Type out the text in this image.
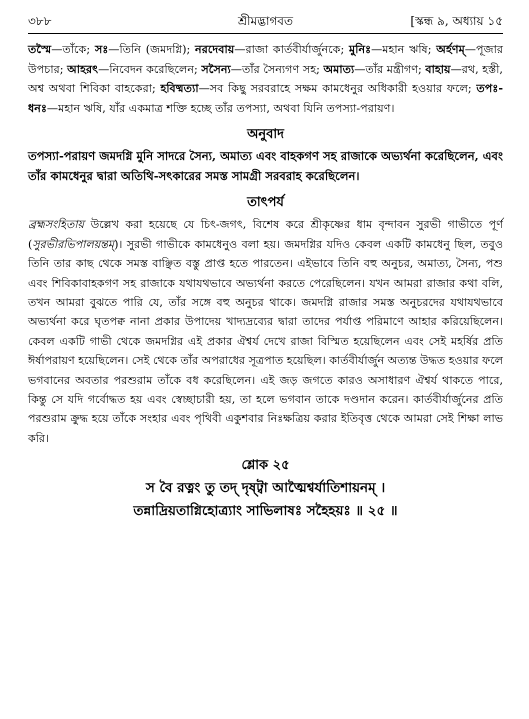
৩৮৮	শ্রীমদ্ভাগবত	[স্কন্ধ ৯, অধ্যায় ১৫

তস্মৈ—তাঁকে; সঃ—তিনি (জমদগ্নি); নরদেবায়—রাজা কার্তবীর্যার্জুনকে; মুনিঃ—মহান ঋষি; অর্হণম্—পূজার উপচার; আহরৎ—নিবেদন করেছিলেন; সসৈন্য—তাঁর সৈন্যগণ সহ; অমাত্য—তাঁর মন্ত্রীগণ; বাহায়—রথ, হস্তী, অশ্ব অথবা শিবিকা বাহকেরা; হবিষ্মত্যা—সব কিছু সরবরাহে সক্ষম কামধেনুর অধিকারী হওয়ার ফলে; তপঃ-ধনঃ—মহান ঋষি, যাঁর একমাত্র শক্তি হচ্ছে তাঁর তপস্যা, অথবা যিনি তপস্যা-পরায়ণ।

অনুবাদ

তপস্যা-পরায়ণ জমদগ্নি মুনি সাদরে সৈন্য, অমাত্য এবং বাহকগণ সহ রাজাকে অভ্যর্থনা করেছিলেন, এবং তাঁর কামধেনুর দ্বারা অতিথি-সৎকারের সমস্ত সামগ্রী সরবরাহ করেছিলেন।

তাৎপর্য

ব্রহ্মসংহিতায় উল্লেখ করা হয়েছে যে চিৎ-জগৎ, বিশেষ করে শ্রীকৃষ্ণের ধাম বৃন্দাবন সুরভী গাভীতে পূর্ণ (সুরভীরভিপালয়ন্তম্)। সুরভী গাভীকে কামধেনুও বলা হয়। জমদগ্নির যদিও কেবল একটি কামধেনু ছিল, তবুও তিনি তার কাছ থেকে সমস্ত বাঞ্ছিত বস্তু প্রাপ্ত হতে পারতেন। এইভাবে তিনি বহু অনুচর, অমাত্য, সৈন্য, পশু এবং শিবিকাবাহকগণ সহ রাজাকে যথাযথভাবে অভ্যর্থনা করতে পেরেছিলেন। যখন আমরা রাজার কথা বলি, তখন আমরা বুঝতে পারি যে, তাঁর সঙ্গে বহু অনুচর থাকে। জমদগ্নি রাজার সমস্ত অনুচরদের যথাযথভাবে অভ্যর্থনা করে ঘৃতপক্ব নানা প্রকার উপাদেয় খাদ্যদ্রব্যের দ্বারা তাদের পর্যাপ্ত পরিমাণে আহার করিয়েছিলেন। কেবল একটি গাভী থেকে জমদগ্নির এই প্রকার ঐশ্বর্য দেখে রাজা বিস্মিত হয়েছিলেন এবং সেই মহর্ষির প্রতি ঈর্ষাপরায়ণ হয়েছিলেন। সেই থেকে তাঁর অপরাধের সূত্রপাত হয়েছিল। কার্তবীর্যার্জুন অত্যন্ত উদ্ধত হওয়ার ফলে ভগবানের অবতার পরশুরাম তাঁকে বধ করেছিলেন। এই জড় জগতে কারও অসাধারণ ঐশ্বর্য থাকতে পারে, কিন্তু সে যদি গর্বোদ্ধত হয় এবং স্বেচ্ছাচারী হয়, তা হলে ভগবান তাকে দণ্ডদান করেন। কার্তবীর্যার্জুনের প্রতি পরশুরাম ক্রুদ্ধ হয়ে তাঁকে সংহার এবং পৃথিবী একুশবার নিঃক্ষত্রিয় করার ইতিবৃত্ত থেকে আমরা সেই শিক্ষা লাভ করি।

শ্লোক ২৫
স বৈ রত্নং তু তদ্ দৃষ্ট্বা আত্মৈশ্বর্যাতিশায়নম্ ।
তন্নাদ্রিয়তাগ্নিহোত্র্যাং সাভিলাষঃ সহৈহয়ঃ ॥ ২৫ ॥
